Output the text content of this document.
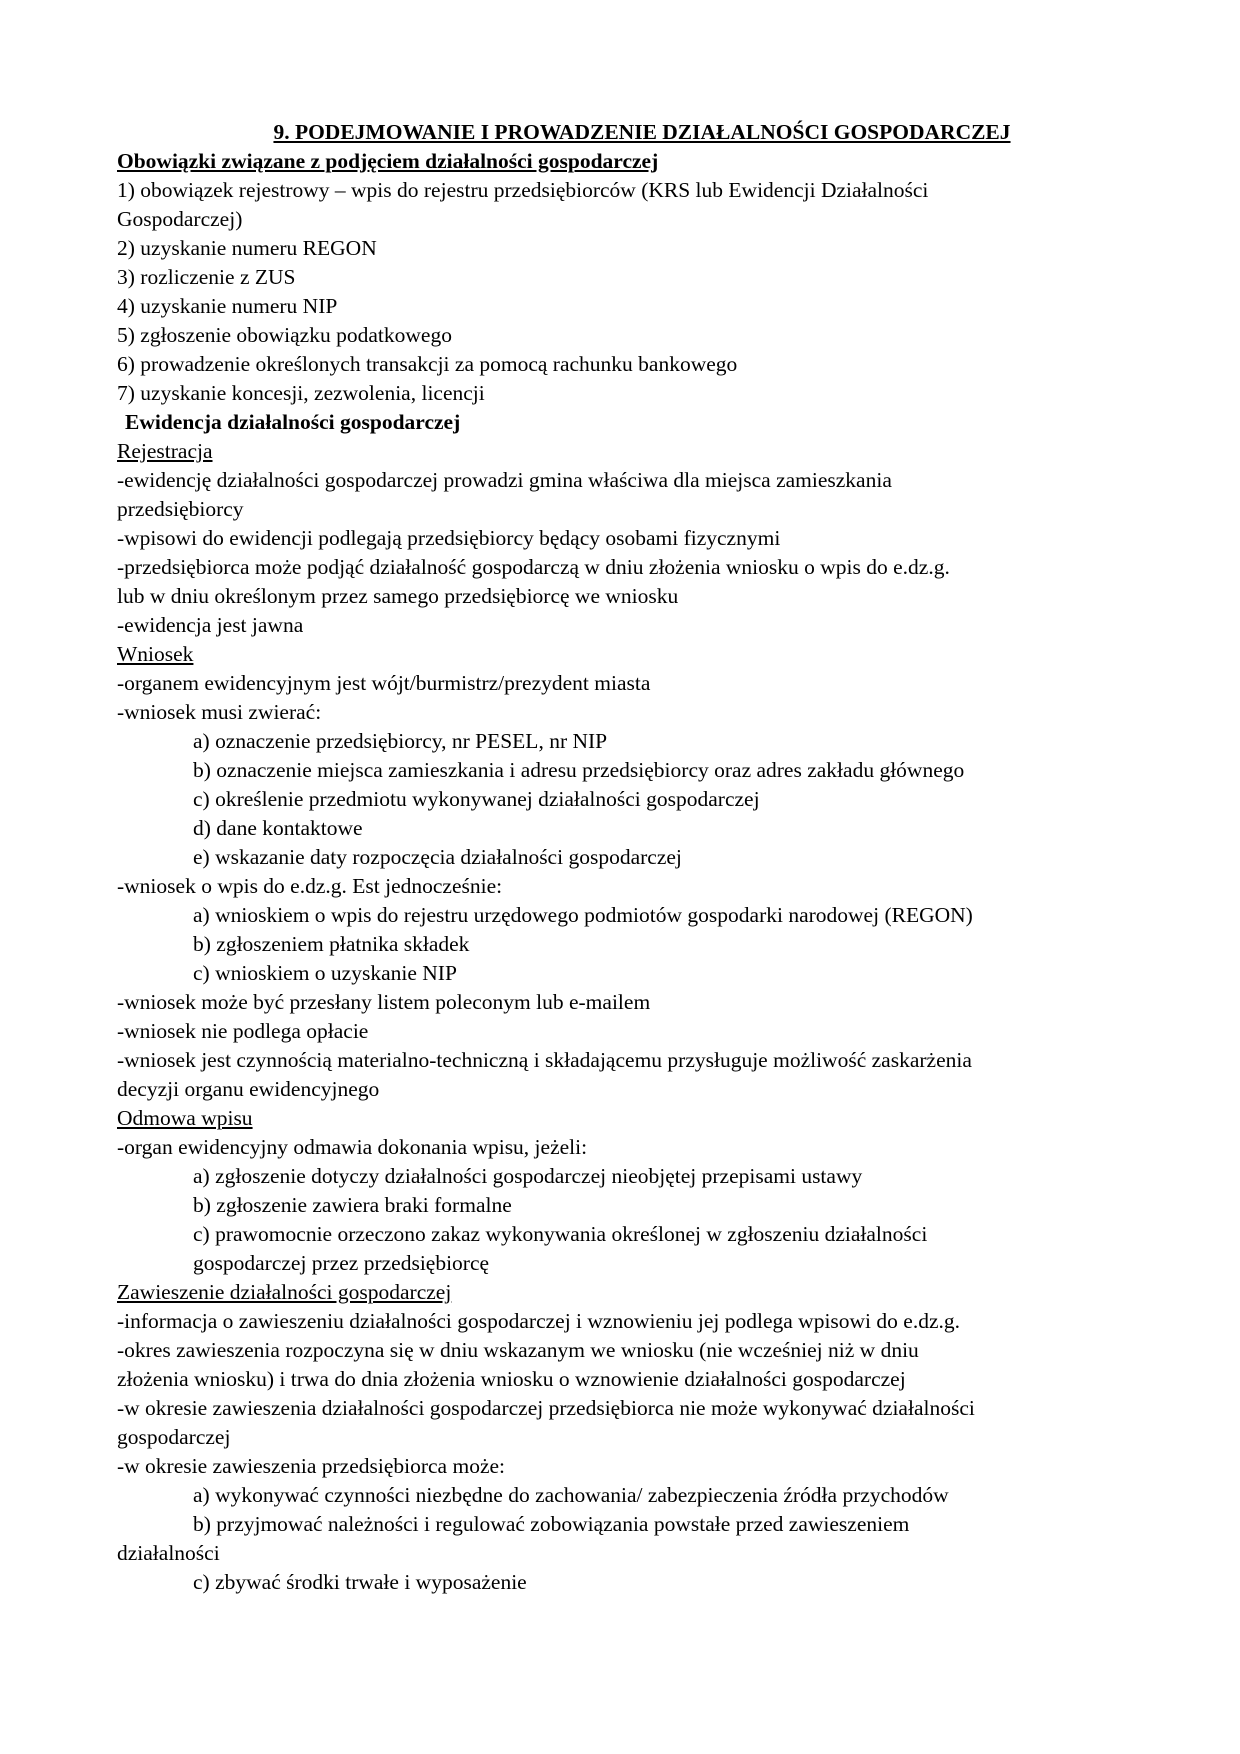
9. PODEJMOWANIE I PROWADZENIE DZIAŁALNOŚCI GOSPODARCZEJ
Obowiązki związane z podjęciem działalności gospodarczej
1) obowiązek rejestrowy – wpis do rejestru przedsiębiorców (KRS lub Ewidencji Działalności
Gospodarczej)
2) uzyskanie numeru REGON
3) rozliczenie z ZUS
4) uzyskanie numeru NIP
5) zgłoszenie obowiązku podatkowego
6) prowadzenie określonych transakcji za pomocą rachunku bankowego
7) uzyskanie koncesji, zezwolenia, licencji
Ewidencja działalności gospodarczej
Rejestracja
-ewidencję działalności gospodarczej prowadzi gmina właściwa dla miejsca zamieszkania
przedsiębiorcy
-wpisowi do ewidencji podlegają przedsiębiorcy będący osobami fizycznymi
-przedsiębiorca może podjąć działalność gospodarczą w dniu złożenia wniosku o wpis do e.dz.g.
lub w dniu określonym przez samego przedsiębiorcę we wniosku
-ewidencja jest jawna
Wniosek
-organem ewidencyjnym jest wójt/burmistrz/prezydent miasta
-wniosek musi zwierać:
a) oznaczenie przedsiębiorcy, nr PESEL, nr NIP
b) oznaczenie miejsca zamieszkania i adresu przedsiębiorcy oraz adres zakładu głównego
c) określenie przedmiotu wykonywanej działalności gospodarczej
d) dane kontaktowe
e) wskazanie daty rozpoczęcia działalności gospodarczej
-wniosek o wpis do e.dz.g. Est jednocześnie:
a) wnioskiem o wpis do rejestru urzędowego podmiotów gospodarki narodowej (REGON)
b) zgłoszeniem płatnika składek
c) wnioskiem o uzyskanie NIP
-wniosek może być przesłany listem poleconym lub e-mailem
-wniosek nie podlega opłacie
-wniosek jest czynnością materialno-techniczną i składającemu przysługuje możliwość zaskarżenia
decyzji organu ewidencyjnego
Odmowa wpisu
-organ ewidencyjny odmawia dokonania wpisu, jeżeli:
a) zgłoszenie dotyczy działalności gospodarczej nieobjętej przepisami ustawy
b) zgłoszenie zawiera braki formalne
c) prawomocnie orzeczono zakaz wykonywania określonej w zgłoszeniu działalności
gospodarczej przez przedsiębiorcę
Zawieszenie działalności gospodarczej
-informacja o zawieszeniu działalności gospodarczej i wznowieniu jej podlega wpisowi do e.dz.g.
-okres zawieszenia rozpoczyna się w dniu wskazanym we wniosku (nie wcześniej niż w dniu
złożenia wniosku) i trwa do dnia złożenia wniosku o wznowienie działalności gospodarczej
-w okresie zawieszenia działalności gospodarczej przedsiębiorca nie może wykonywać działalności
gospodarczej
-w okresie zawieszenia przedsiębiorca może:
a) wykonywać czynności niezbędne do zachowania/ zabezpieczenia źródła przychodów
b) przyjmować należności i regulować zobowiązania powstałe przed zawieszeniem
działalności
c) zbywać środki trwałe i wyposażenie
